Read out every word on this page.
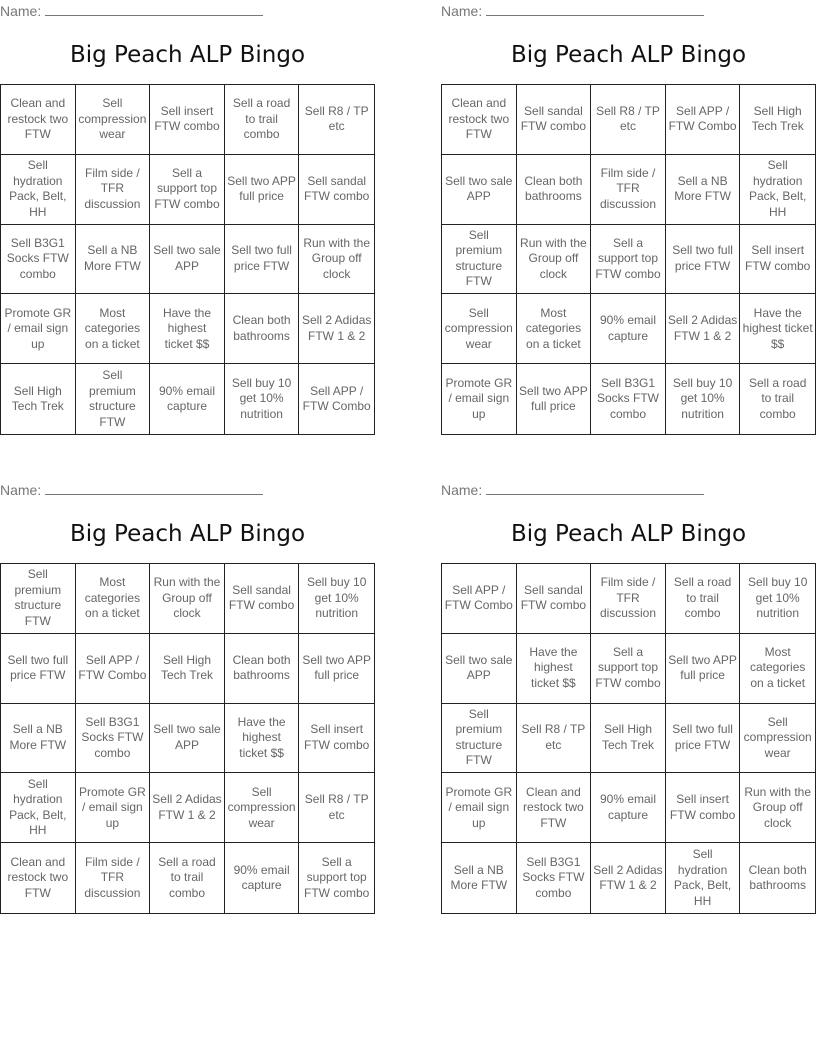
Name:
Big Peach ALP Bingo
Clean and restock two FTW
Sell compression wear
Sell insert FTW combo
Sell a road to trail combo
Sell R8 / TP etc
Sell hydration Pack, Belt, HH
Film side / TFR discussion
Sell a support top FTW combo
Sell two APP full price
Sell sandal FTW combo
Sell B3G1 Socks FTW combo
Sell a NB More FTW
Sell two sale APP
Sell two full price FTW
Run with the Group off clock
Promote GR / email sign up
Most categories on a ticket
Have the highest ticket $$
Clean both bathrooms
Sell 2 Adidas FTW 1 & 2
Sell High Tech Trek
Sell premium structure FTW
90% email capture
Sell buy 10 get 10% nutrition
Sell APP / FTW Combo
Name:
Big Peach ALP Bingo
Clean and restock two FTW
Sell sandal FTW combo
Sell R8 / TP etc
Sell APP / FTW Combo
Sell High Tech Trek
Sell two sale APP
Clean both bathrooms
Film side / TFR discussion
Sell a NB More FTW
Sell hydration Pack, Belt, HH
Sell premium structure FTW
Run with the Group off clock
Sell a support top FTW combo
Sell two full price FTW
Sell insert FTW combo
Sell compression wear
Most categories on a ticket
90% email capture
Sell 2 Adidas FTW 1 & 2
Have the highest ticket $$
Promote GR / email sign up
Sell two APP full price
Sell B3G1 Socks FTW combo
Sell buy 10 get 10% nutrition
Sell a road to trail combo
Name:
Big Peach ALP Bingo
Sell premium structure FTW
Most categories on a ticket
Run with the Group off clock
Sell sandal FTW combo
Sell buy 10 get 10% nutrition
Sell two full price FTW
Sell APP / FTW Combo
Sell High Tech Trek
Clean both bathrooms
Sell two APP full price
Sell a NB More FTW
Sell B3G1 Socks FTW combo
Sell two sale APP
Have the highest ticket $$
Sell insert FTW combo
Sell hydration Pack, Belt, HH
Promote GR / email sign up
Sell 2 Adidas FTW 1 & 2
Sell compression wear
Sell R8 / TP etc
Clean and restock two FTW
Film side / TFR discussion
Sell a road to trail combo
90% email capture
Sell a support top FTW combo
Name:
Big Peach ALP Bingo
Sell APP / FTW Combo
Sell sandal FTW combo
Film side / TFR discussion
Sell a road to trail combo
Sell buy 10 get 10% nutrition
Sell two sale APP
Have the highest ticket $$
Sell a support top FTW combo
Sell two APP full price
Most categories on a ticket
Sell premium structure FTW
Sell R8 / TP etc
Sell High Tech Trek
Sell two full price FTW
Sell compression wear
Promote GR / email sign up
Clean and restock two FTW
90% email capture
Sell insert FTW combo
Run with the Group off clock
Sell a NB More FTW
Sell B3G1 Socks FTW combo
Sell 2 Adidas FTW 1 & 2
Sell hydration Pack, Belt, HH
Clean both bathrooms
